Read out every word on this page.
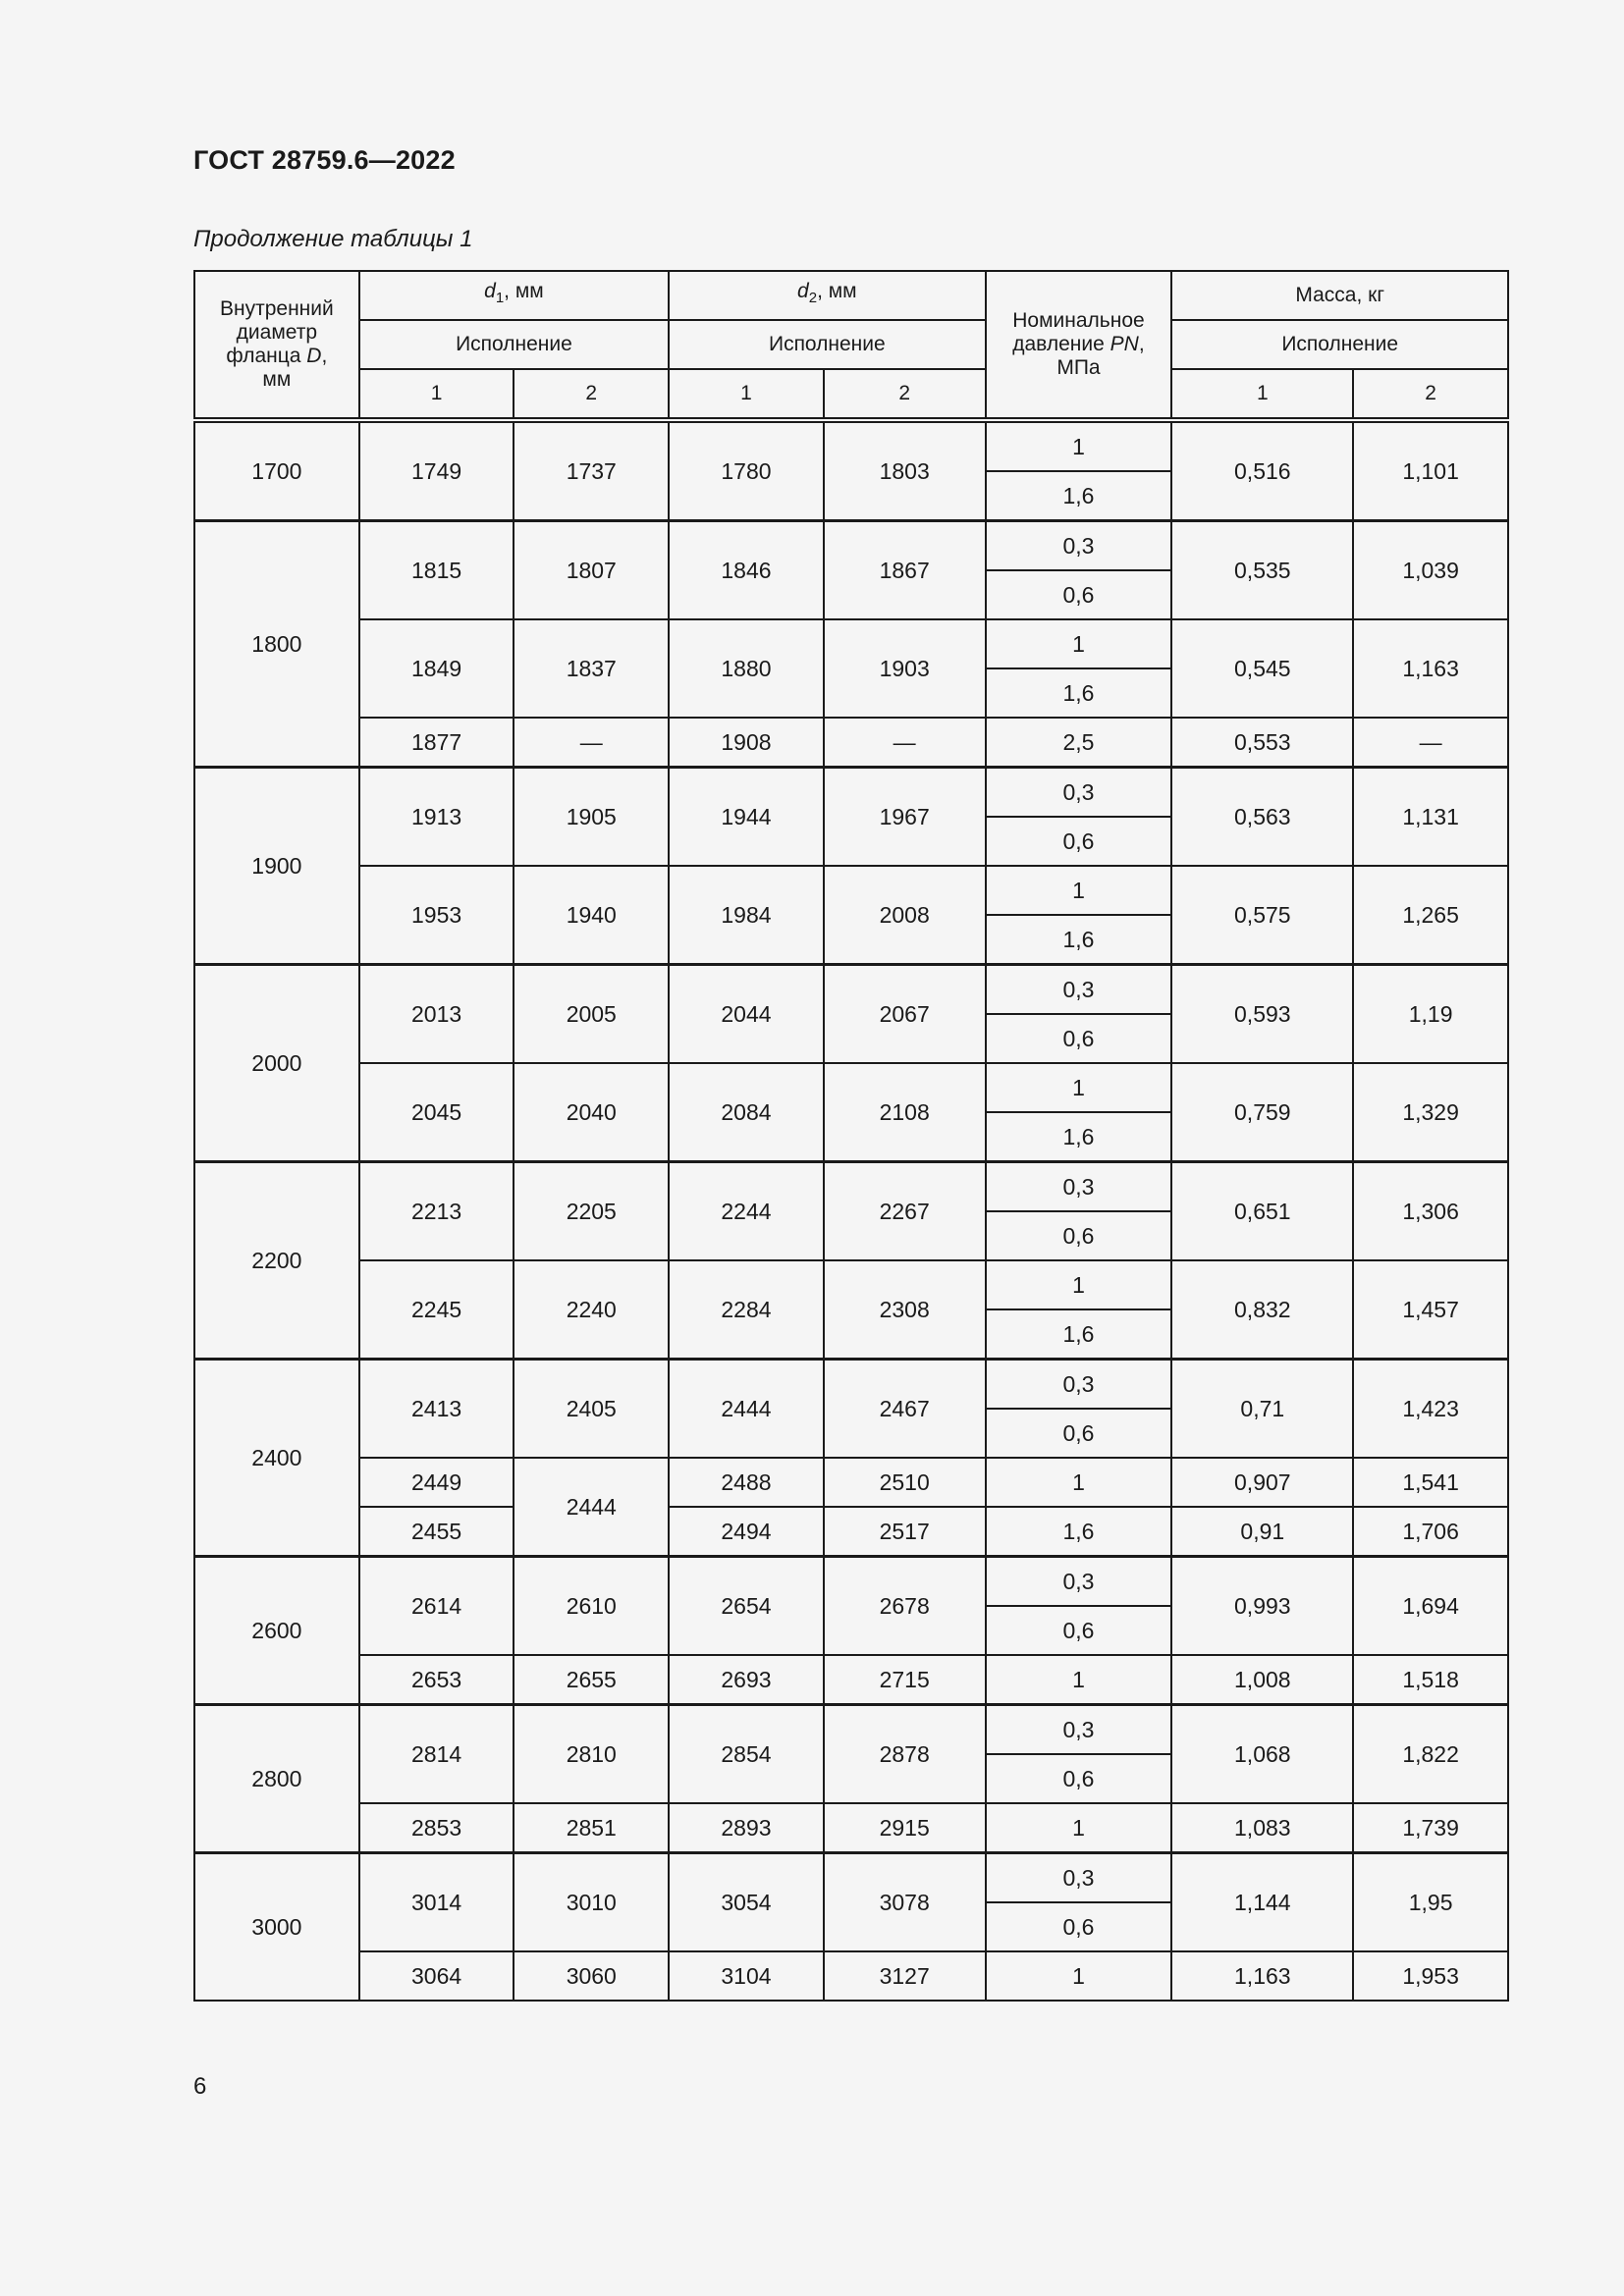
ГОСТ 28759.6—2022
Продолжение таблицы 1
Внутренний
диаметр
фланца D,
мм	$d_1$, мм		$d_2$, мм		Номинальное
давление PN,
МПа	Масса, кг	
	Исполнение		Исполнение			Исполнение	
	1	2	1	2		1	2
1700	1749	1737	1780	1803	1	0,516	1,101
					1,6		
1800	1815	1807	1846	1867	0,3	0,535	1,039
					0,6		
	1849	1837	1880	1903	1	0,545	1,163
					1,6		
	1877	—	1908	—	2,5	0,553	—
1900	1913	1905	1944	1967	0,3	0,563	1,131
					0,6		
	1953	1940	1984	2008	1	0,575	1,265
					1,6		
2000	2013	2005	2044	2067	0,3	0,593	1,19
					0,6		
	2045	2040	2084	2108	1	0,759	1,329
					1,6		
2200	2213	2205	2244	2267	0,3	0,651	1,306
					0,6		
	2245	2240	2284	2308	1	0,832	1,457
					1,6		
2400	2413	2405	2444	2467	0,3	0,71	1,423
					0,6		
	2449	2444	2488	2510	1	0,907	1,541
	2455		2494	2517	1,6	0,91	1,706
2600	2614	2610	2654	2678	0,3	0,993	1,694
					0,6		
	2653	2655	2693	2715	1	1,008	1,518
2800	2814	2810	2854	2878	0,3	1,068	1,822
					0,6		
	2853	2851	2893	2915	1	1,083	1,739
3000	3014	3010	3054	3078	0,3	1,144	1,95
					0,6		
	3064	3060	3104	3127	1	1,163	1,953
6
